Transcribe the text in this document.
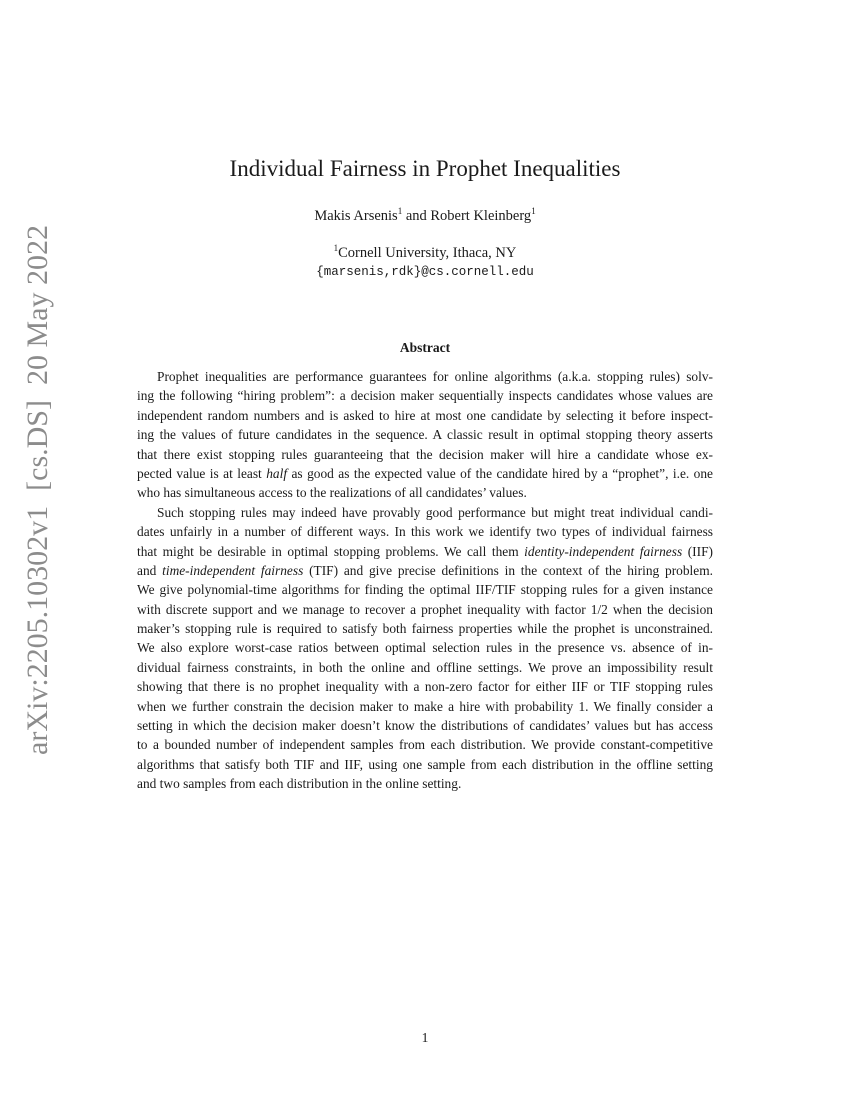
arXiv:2205.10302v1  [cs.DS]  20 May 2022
Individual Fairness in Prophet Inequalities
Makis Arsenis$^1$ and Robert Kleinberg$^1$
$^1$Cornell University, Ithaca, NY
{marsenis,rdk}@cs.cornell.edu
Abstract
Prophet inequalities are performance guarantees for online algorithms (a.k.a. stopping rules) solv-
ing the following “hiring problem”: a decision maker sequentially inspects candidates whose values are
independent random numbers and is asked to hire at most one candidate by selecting it before inspect-
ing the values of future candidates in the sequence. A classic result in optimal stopping theory asserts
that there exist stopping rules guaranteeing that the decision maker will hire a candidate whose ex-
pected value is at least half as good as the expected value of the candidate hired by a “prophet”, i.e. one
who has simultaneous access to the realizations of all candidates’ values.
Such stopping rules may indeed have provably good performance but might treat individual candi-
dates unfairly in a number of different ways. In this work we identify two types of individual fairness
that might be desirable in optimal stopping problems. We call them identity-independent fairness (IIF)
and time-independent fairness (TIF) and give precise definitions in the context of the hiring problem.
We give polynomial-time algorithms for finding the optimal IIF/TIF stopping rules for a given instance
with discrete support and we manage to recover a prophet inequality with factor 1/2 when the decision
maker’s stopping rule is required to satisfy both fairness properties while the prophet is unconstrained.
We also explore worst-case ratios between optimal selection rules in the presence vs. absence of in-
dividual fairness constraints, in both the online and offline settings. We prove an impossibility result
showing that there is no prophet inequality with a non-zero factor for either IIF or TIF stopping rules
when we further constrain the decision maker to make a hire with probability 1. We finally consider a
setting in which the decision maker doesn’t know the distributions of candidates’ values but has access
to a bounded number of independent samples from each distribution. We provide constant-competitive
algorithms that satisfy both TIF and IIF, using one sample from each distribution in the offline setting
and two samples from each distribution in the online setting.
1
